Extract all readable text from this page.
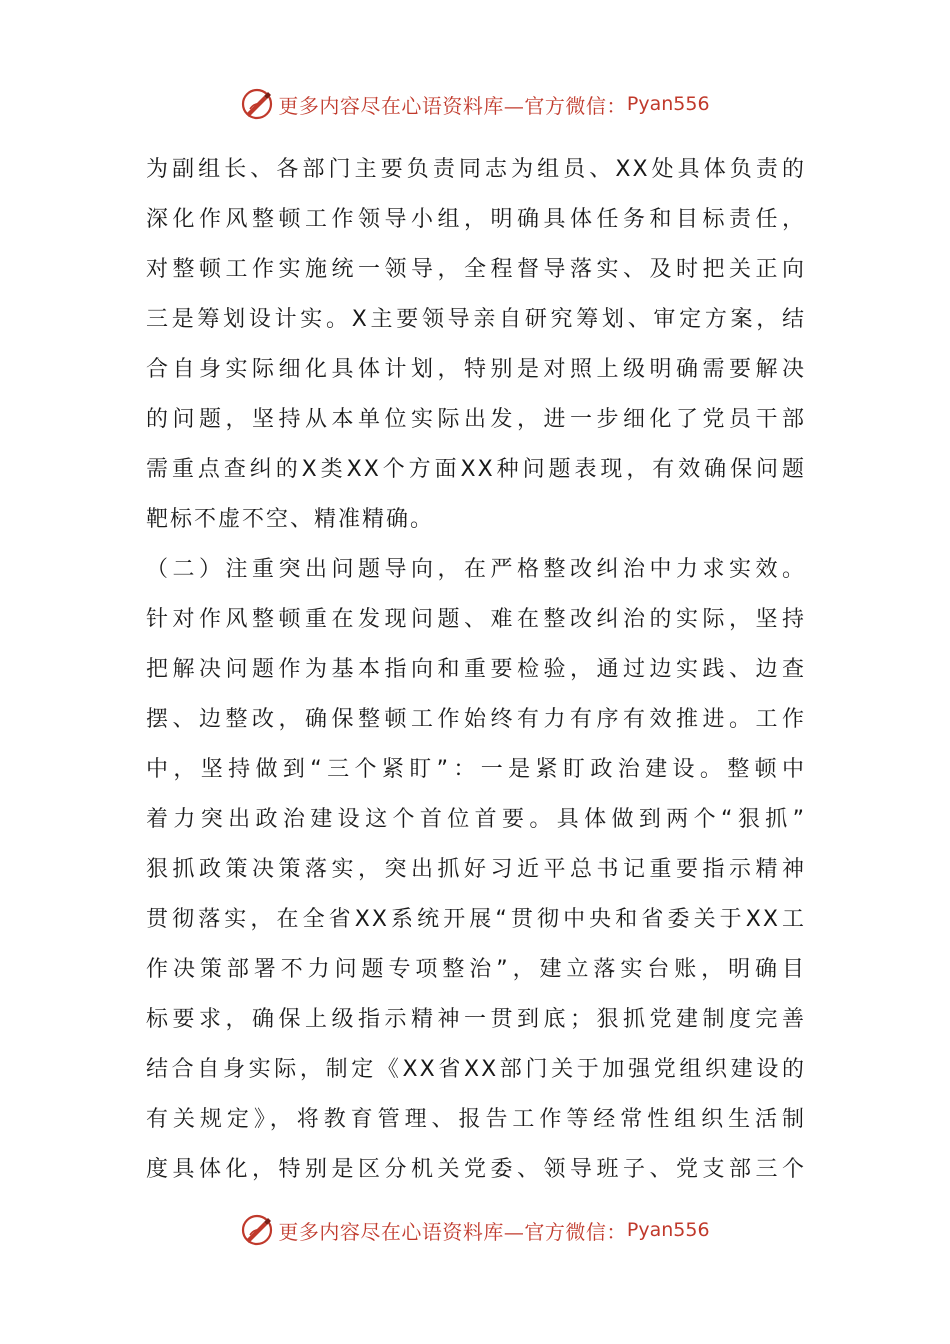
更多内容尽在心语资料库—官方微信： Pyan556
为副组长、各部门主要负责同志为组员、XX处具体负责的
深化作风整顿工作领导小组，明确具体任务和目标责任，
对整顿工作实施统一领导，全程督导落实、及时把关正向
三是筹划设计实。X主要领导亲自研究筹划、审定方案，结
合自身实际细化具体计划，特别是对照上级明确需要解决
的问题，坚持从本单位实际出发，进一步细化了党员干部
需重点查纠的X类XX个方面XX种问题表现，有效确保问题
靶标不虚不空、精准精确。
（二）注重突出问题导向，在严格整改纠治中力求实效。
针对作风整顿重在发现问题、难在整改纠治的实际，坚持
把解决问题作为基本指向和重要检验，通过边实践、边查
摆、边整改，确保整顿工作始终有力有序有效推进。工作
中，坚持做到“三个紧盯”：一是紧盯政治建设。整顿中
着力突出政治建设这个首位首要。具体做到两个“狠抓”
狠抓政策决策落实，突出抓好习近平总书记重要指示精神
贯彻落实，在全省XX系统开展“贯彻中央和省委关于XX工
作决策部署不力问题专项整治”，建立落实台账，明确目
标要求，确保上级指示精神一贯到底；狠抓党建制度完善
结合自身实际，制定《XX省XX部门关于加强党组织建设的
有关规定》，将教育管理、报告工作等经常性组织生活制
度具体化，特别是区分机关党委、领导班子、党支部三个
更多内容尽在心语资料库—官方微信： Pyan556
